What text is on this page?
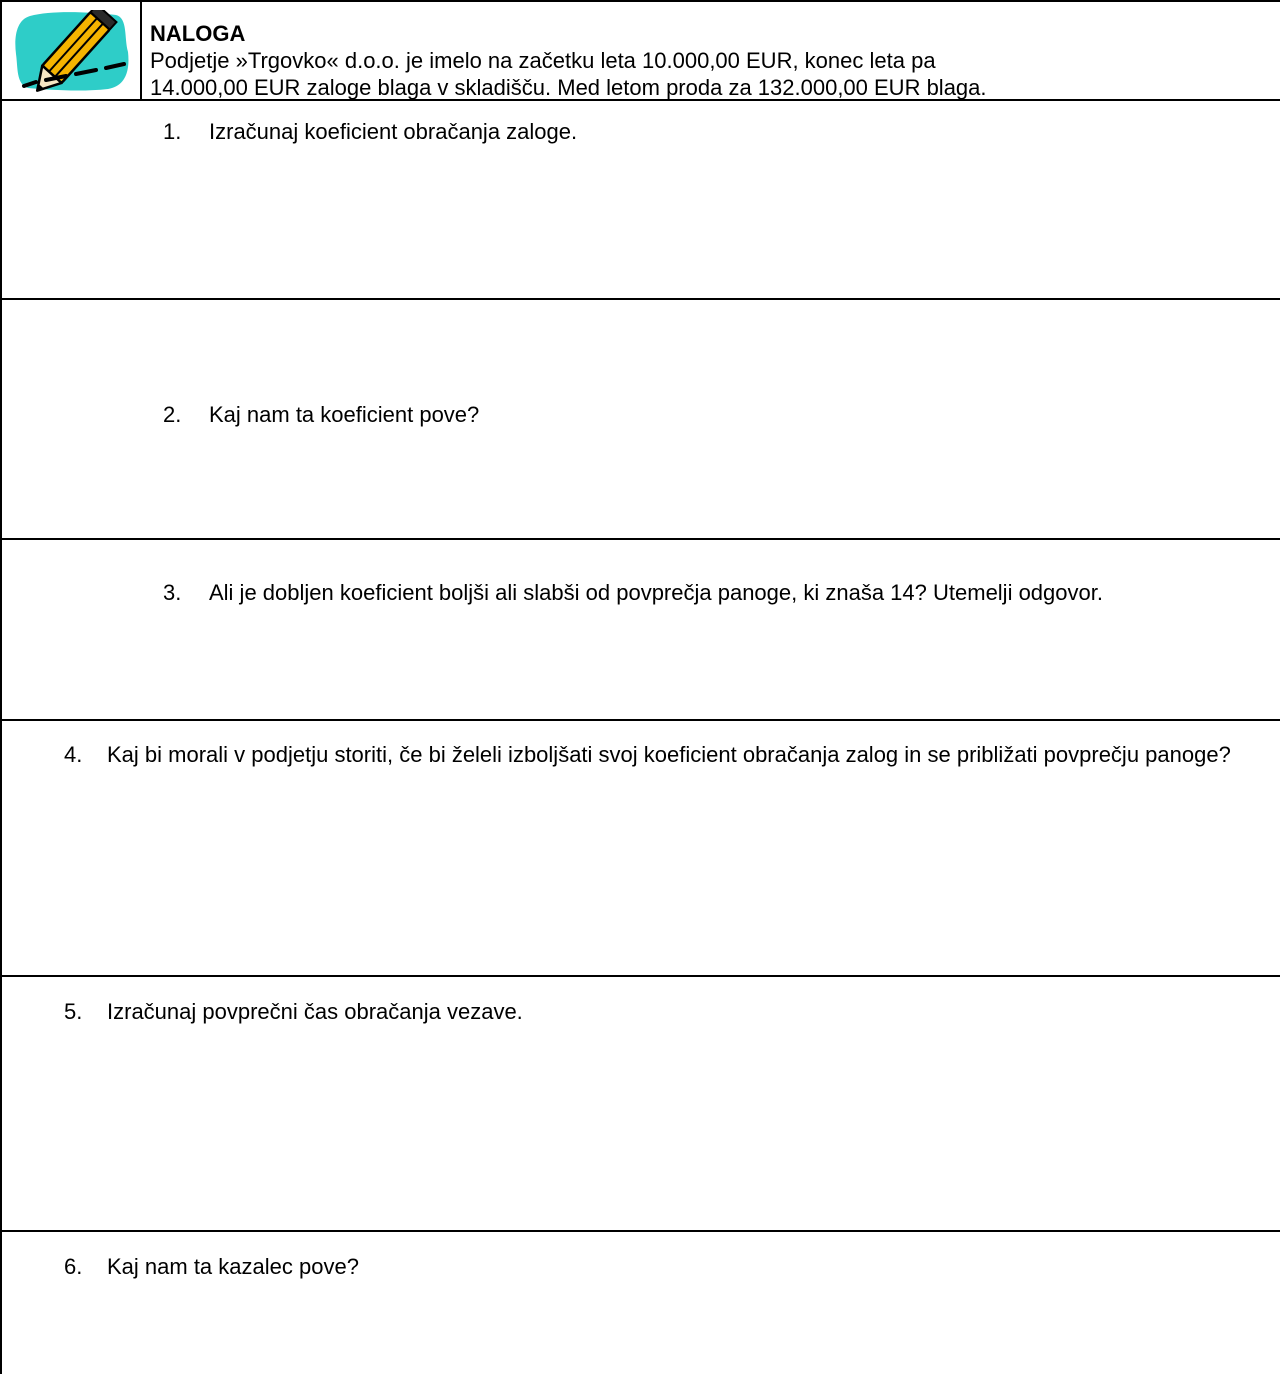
NALOGA
Podjetje »Trgovko« d.o.o. je imelo na začetku leta 10.000,00 EUR, konec leta pa
14.000,00 EUR zaloge blaga v skladišču. Med letom proda za 132.000,00 EUR blaga.
1. Izračunaj koeficient obračanja zaloge.
2. Kaj nam ta koeficient pove?
3.	Ali je dobljen koeficient boljši ali slabši od povprečja panoge, ki znaša 14? Utemelji odgovor.
4. Kaj bi morali v podjetju storiti, če bi želeli izboljšati svoj koeficient obračanja zalog in se približati povprečju panoge?
5. Izračunaj povprečni čas obračanja vezave.
6. Kaj nam ta kazalec pove?
